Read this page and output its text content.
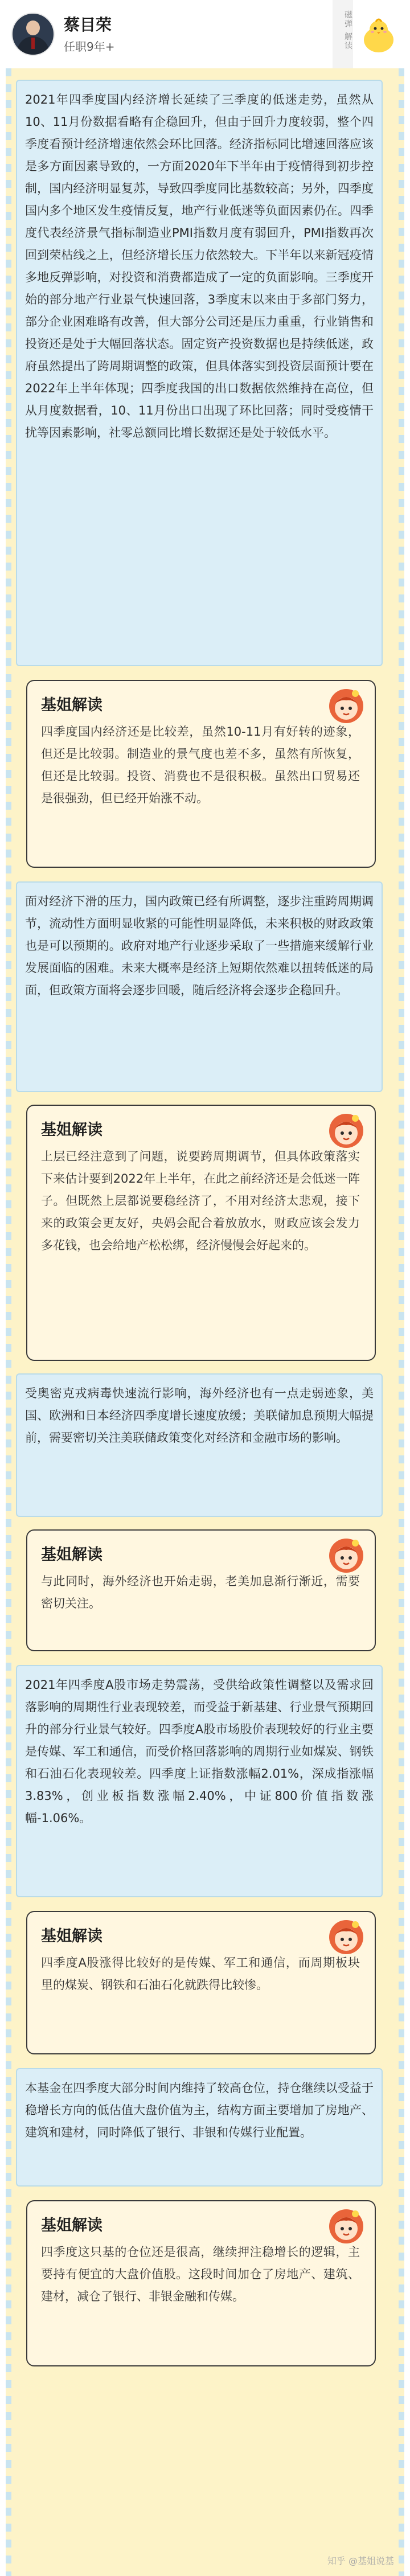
蔡目荣
任职9年+	磁弹 解读
2021年四季度国内经济增长延续了三季度的低迷走势，虽然从10、11月份数据看略有企稳回升，但由于回升力度较弱，整个四季度看预计经济增速依然会环比回落。经济指标同比增速回落应该是多方面因素导致的，一方面2020年下半年由于疫情得到初步控制，国内经济明显复苏，导致四季度同比基数较高；另外，四季度国内多个地区发生疫情反复，地产行业低迷等负面因素仍在。四季度代表经济景气指标制造业PMI指数月度有弱回升，PMI指数再次回到荣枯线之上，但经济增长压力依然较大。下半年以来新冠疫情多地反弹影响，对投资和消费都造成了一定的负面影响。三季度开始的部分地产行业景气快速回落，3季度末以来由于多部门努力，部分企业困难略有改善，但大部分公司还是压力重重，行业销售和投资还是处于大幅回落状态。固定资产投资数据也是持续低迷，政府虽然提出了跨周期调整的政策，但具体落实到投资层面预计要在2022年上半年体现；四季度我国的出口数据依然维持在高位，但从月度数据看，10、11月份出口出现了环比回落；同时受疫情干扰等因素影响，社零总额同比增长数据还是处于较低水平。
基姐解读
四季度国内经济还是比较差，虽然10-11月有好转的迹象，但还是比较弱。制造业的景气度也差不多，虽然有所恢复，但还是比较弱。投资、消费也不是很积极。虽然出口贸易还是很强劲，但已经开始涨不动。
面对经济下滑的压力，国内政策已经有所调整，逐步注重跨周期调节，流动性方面明显收紧的可能性明显降低，未来积极的财政政策也是可以预期的。政府对地产行业逐步采取了一些措施来缓解行业发展面临的困难。未来大概率是经济上短期依然难以扭转低迷的局面，但政策方面将会逐步回暖，随后经济将会逐步企稳回升。
基姐解读
上层已经注意到了问题，说要跨周期调节，但具体政策落实下来估计要到2022年上半年，在此之前经济还是会低迷一阵子。但既然上层都说要稳经济了，不用对经济太悲观，接下来的政策会更友好，央妈会配合着放放水，财政应该会发力多花钱，也会给地产松松绑，经济慢慢会好起来的。
受奥密克戎病毒快速流行影响，海外经济也有一点走弱迹象，美国、欧洲和日本经济四季度增长速度放缓；美联储加息预期大幅提前，需要密切关注美联储政策变化对经济和金融市场的影响。
基姐解读
与此同时，海外经济也开始走弱，老美加息渐行渐近，需要密切关注。
2021年四季度A股市场走势震荡，受供给政策性调整以及需求回落影响的周期性行业表现较差，而受益于新基建、行业景气预期回升的部分行业景气较好。四季度A股市场股价表现较好的行业主要是传媒、军工和通信，而受价格回落影响的周期行业如煤炭、钢铁和石油石化表现较差。四季度上证指数涨幅2.01%，深成指涨幅3.83%，创业板指数涨幅2.40%，中证800价值指数涨幅-1.06%。
基姐解读
四季度A股涨得比较好的是传媒、军工和通信，而周期板块里的煤炭、钢铁和石油石化就跌得比较惨。
本基金在四季度大部分时间内维持了较高仓位，持仓继续以受益于稳增长方向的低估值大盘价值为主，结构方面主要增加了房地产、建筑和建材，同时降低了银行、非银和传媒行业配置。
基姐解读
四季度这只基的仓位还是很高，继续押注稳增长的逻辑，主要持有便宜的大盘价值股。这段时间加仓了房地产、建筑、建材，减仓了银行、非银金融和传媒。
知乎 @基姐说基
